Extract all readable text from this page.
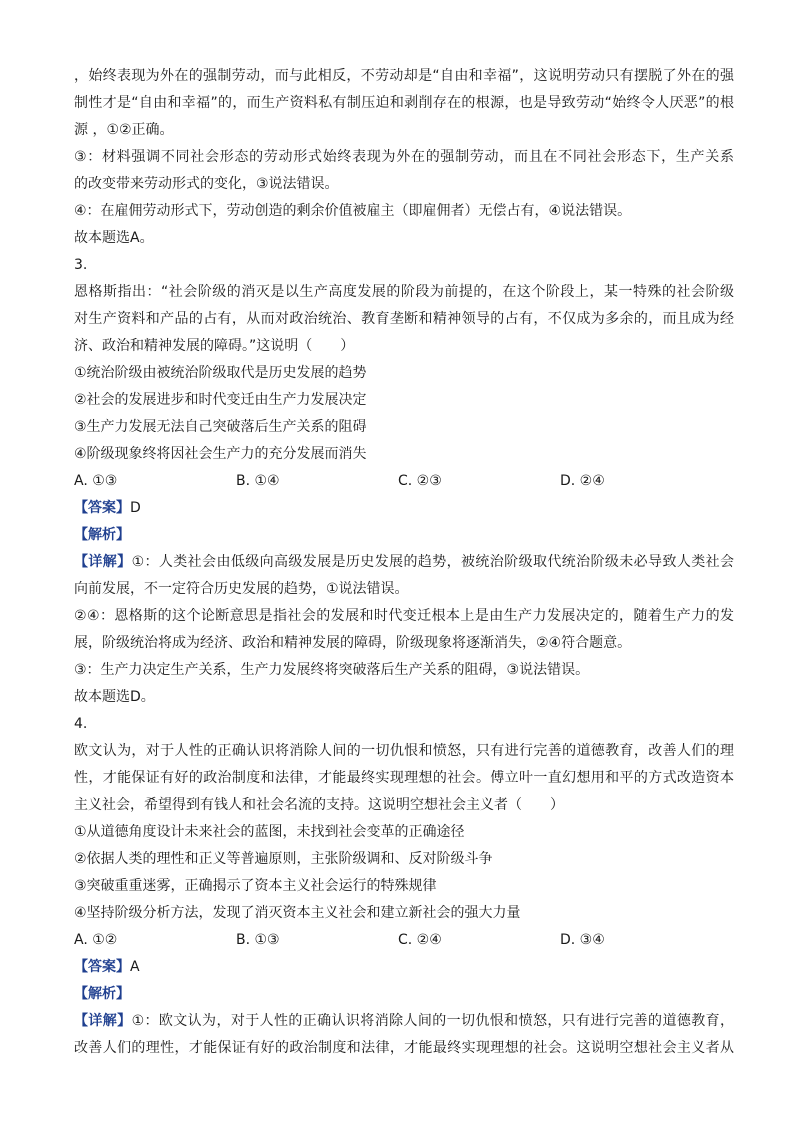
，始终表现为外在的强制劳动，而与此相反，不劳动却是“自由和幸福”，这说明劳动只有摆脱了外在的强
制性才是“自由和幸福”的，而生产资料私有制压迫和剥削存在的根源，也是导致劳动“始终令人厌恶”的根
源 ，①②正确。
③：材料强调不同社会形态的劳动形式始终表现为外在的强制劳动，而且在不同社会形态下，生产关系
的改变带来劳动形式的变化，③说法错误。
④：在雇佣劳动形式下，劳动创造的剩余价值被雇主（即雇佣者）无偿占有，④说法错误。
故本题选A。
3.
恩格斯指出：“社会阶级的消灭是以生产高度发展的阶段为前提的，在这个阶段上，某一特殊的社会阶级
对生产资料和产品的占有，从而对政治统治、教育垄断和精神领导的占有，不仅成为多余的，而且成为经
济、政治和精神发展的障碍。”这说明（　　）
①统治阶级由被统治阶级取代是历史发展的趋势
②社会的发展进步和时代变迁由生产力发展决定
③生产力发展无法自己突破落后生产关系的阻碍
④阶级现象终将因社会生产力的充分发展而消失
A. ①③	B. ①④	C. ②③	D. ②④
【答案】D
【解析】
【详解】①：人类社会由低级向高级发展是历史发展的趋势，被统治阶级取代统治阶级未必导致人类社会
向前发展，不一定符合历史发展的趋势，①说法错误。
②④：恩格斯的这个论断意思是指社会的发展和时代变迁根本上是由生产力发展决定的，随着生产力的发
展，阶级统治将成为经济、政治和精神发展的障碍，阶级现象将逐渐消失，②④符合题意。
③：生产力决定生产关系，生产力发展终将突破落后生产关系的阻碍，③说法错误。
故本题选D。
4.
欧文认为，对于人性的正确认识将消除人间的一切仇恨和愤怒，只有进行完善的道德教育，改善人们的理
性，才能保证有好的政治制度和法律，才能最终实现理想的社会。傅立叶一直幻想用和平的方式改造资本
主义社会，希望得到有钱人和社会名流的支持。这说明空想社会主义者（　　）
①从道德角度设计未来社会的蓝图，未找到社会变革的正确途径
②依据人类的理性和正义等普遍原则，主张阶级调和、反对阶级斗争
③突破重重迷雾，正确揭示了资本主义社会运行的特殊规律
④坚持阶级分析方法，发现了消灭资本主义社会和建立新社会的强大力量
A. ①②	B. ①③	C. ②④	D. ③④
【答案】A
【解析】
【详解】①：欧文认为，对于人性的正确认识将消除人间的一切仇恨和愤怒，只有进行完善的道德教育，
改善人们的理性，才能保证有好的政治制度和法律，才能最终实现理想的社会。这说明空想社会主义者从
